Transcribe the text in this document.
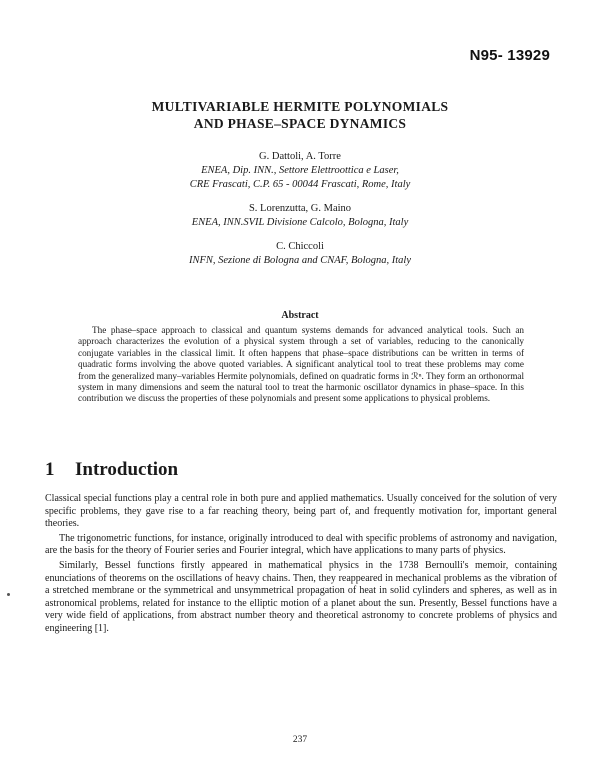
N95- 13929
MULTIVARIABLE HERMITE POLYNOMIALS
AND PHASE–SPACE DYNAMICS
G. Dattoli, A. Torre
ENEA, Dip. INN., Settore Elettroottica e Laser,
CRE Frascati, C.P. 65 - 00044 Frascati, Rome, Italy
S. Lorenzutta, G. Maino
ENEA, INN.SVIL Divisione Calcolo, Bologna, Italy
C. Chiccoli
INFN, Sezione di Bologna and CNAF, Bologna, Italy
Abstract

The phase–space approach to classical and quantum systems demands for advanced analytical tools. Such an approach characterizes the evolution of a physical system through a set of variables, reducing to the canonically conjugate variables in the classical limit. It often happens that phase–space distributions can be written in terms of quadratic forms involving the above quoted variables. A significant analytical tool to treat these problems may come from the generalized many–variables Hermite polynomials, defined on quadratic forms in ℛⁿ. They form an orthonormal system in many dimensions and seem the natural tool to treat the harmonic oscillator dynamics in phase–space. In this contribution we discuss the properties of these polynomials and present some applications to physical problems.

1 Introduction

Classical special functions play a central role in both pure and applied mathematics. Usually conceived for the solution of very specific problems, they gave rise to a far reaching theory, being part of, and frequently motivation for, important general theories.

The trigonometric functions, for instance, originally introduced to deal with specific problems of astronomy and navigation, are the basis for the theory of Fourier series and Fourier integral, which have applications to many parts of physics.

Similarly, Bessel functions firstly appeared in mathematical physics in the 1738 Bernoulli's memoir, containing enunciations of theorems on the oscillations of heavy chains. Then, they reappeared in mechanical problems as the vibration of a stretched membrane or the symmetrical and unsymmetrical propagation of heat in solid cylinders and spheres, as well as in astronomical problems, related for instance to the elliptic motion of a planet about the sun. Presently, Bessel functions have a very wide field of applications, from abstract number theory and theoretical astronomy to concrete problems of physics and engineering [1].

237
